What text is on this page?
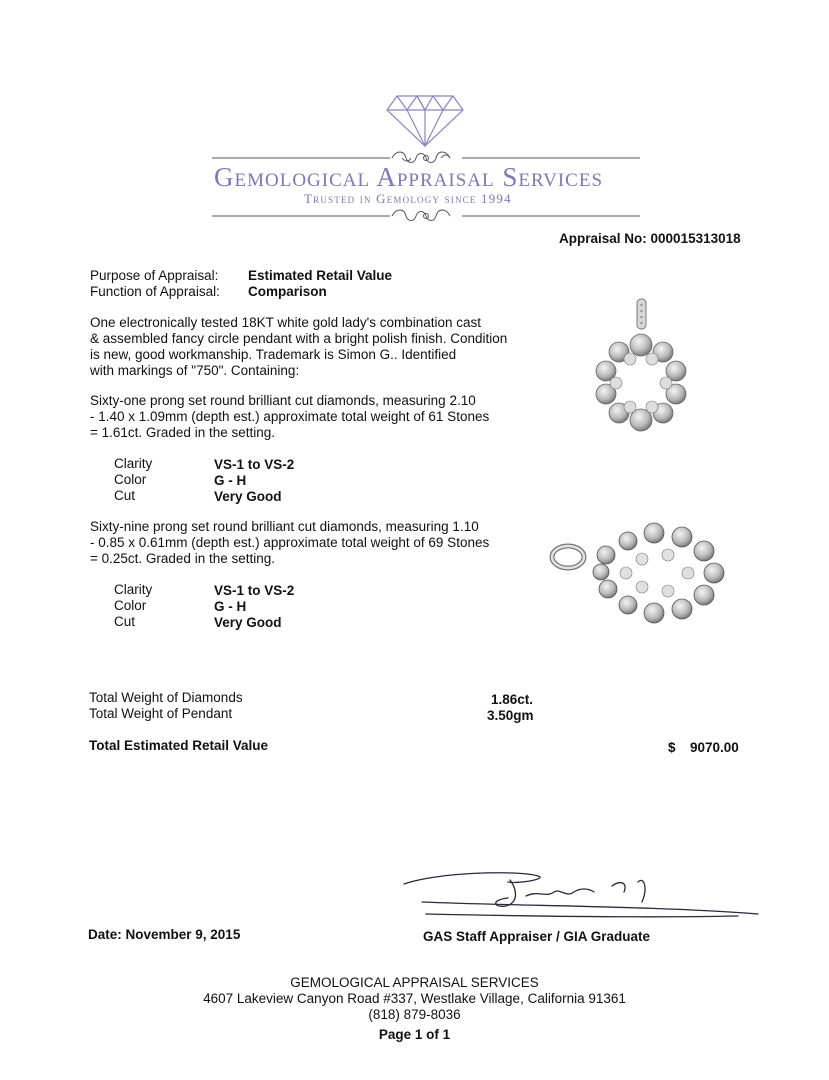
Gemological Appraisal Services
Trusted in Gemology since 1994
Appraisal No: 000015313018
Purpose of Appraisal: Estimated Retail Value
Function of Appraisal: Comparison
One electronically tested 18KT white gold lady's combination cast
& assembled fancy circle pendant with a bright polish finish. Condition
is new, good workmanship. Trademark is Simon G.. Identified
with markings of "750". Containing:
Sixty-one prong set round brilliant cut diamonds, measuring 2.10
- 1.40 x 1.09mm (depth est.) approximate total weight of 61 Stones
= 1.61ct. Graded in the setting.
Clarity	VS-1 to VS-2
Color	G - H
Cut	Very Good
Sixty-nine prong set round brilliant cut diamonds, measuring 1.10
- 0.85 x 0.61mm (depth est.) approximate total weight of 69 Stones
= 0.25ct. Graded in the setting.
Clarity	VS-1 to VS-2
Color	G - H
Cut	Very Good
Total Weight of Diamonds	1.86ct.
Total Weight of Pendant	3.50gm
Total Estimated Retail Value	$ 9070.00
Date: November 9, 2015	GAS Staff Appraiser / GIA Graduate
GEMOLOGICAL APPRAISAL SERVICES
4607 Lakeview Canyon Road #337, Westlake Village, California 91361
(818) 879-8036
Page 1 of 1
